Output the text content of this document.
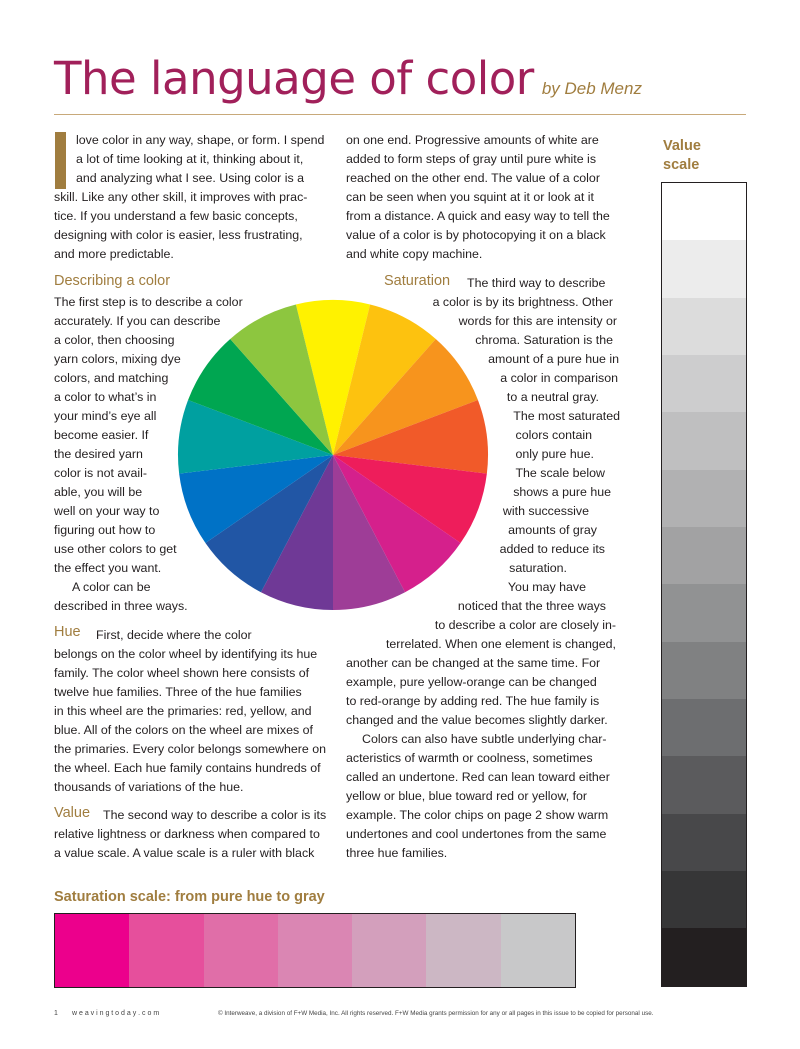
The language of color by Deb Menz
love color in any way, shape, or form. I spend
a lot of time looking at it, thinking about it,
and analyzing what I see. Using color is a
skill. Like any other skill, it improves with prac-
tice. If you understand a few basic concepts,
designing with color is easier, less frustrating,
and more predictable.
on one end. Progressive amounts of white are
added to form steps of gray until pure white is
reached on the other end. The value of a color
can be seen when you squint at it or look at it
from a distance. A quick and easy way to tell the
value of a color is by photocopying it on a black
and white copy machine.
Describing a color
The first step is to describe a color
accurately. If you can describe
a color, then choosing
yarn colors, mixing dye
colors, and matching
a color to what’s in
your mind’s eye all
become easier. If
the desired yarn
color is not avail-
able, you will be
well on your way to
figuring out how to
use other colors to get
the effect you want.
A color can be
described in three ways.
Saturation The third way to describe
a color is by its brightness. Other
words for this are intensity or
chroma. Saturation is the
amount of a pure hue in
a color in comparison
to a neutral gray.
The most saturated
colors contain
only pure hue.
The scale below
shows a pure hue
with successive
amounts of gray
added to reduce its
saturation.
You may have
noticed that the three ways
to describe a color are closely in-
terrelated. When one element is changed,
another can be changed at the same time. For
example, pure yellow-orange can be changed
to red-orange by adding red. The hue family is
changed and the value becomes slightly darker.
Colors can also have subtle underlying char-
acteristics of warmth or coolness, sometimes
called an undertone. Red can lean toward either
yellow or blue, blue toward red or yellow, for
example. The color chips on page 2 show warm
undertones and cool undertones from the same
three hue families.
Hue First, decide where the color
belongs on the color wheel by identifying its hue
family. The color wheel shown here consists of
twelve hue families. Three of the hue families
in this wheel are the primaries: red, yellow, and
blue. All of the colors on the wheel are mixes of
the primaries. Every color belongs somewhere on
the wheel. Each hue family contains hundreds of
thousands of variations of the hue.
Value The second way to describe a color is its
relative lightness or darkness when compared to
a value scale. A value scale is a ruler with black
Value
scale
Saturation scale: from pure hue to gray
1 w e a v i n g t o d a y . c o m	© Interweave, a division of F+W Media, Inc. All rights reserved. F+W Media grants permission for any or all pages in this issue to be copied for personal use.
